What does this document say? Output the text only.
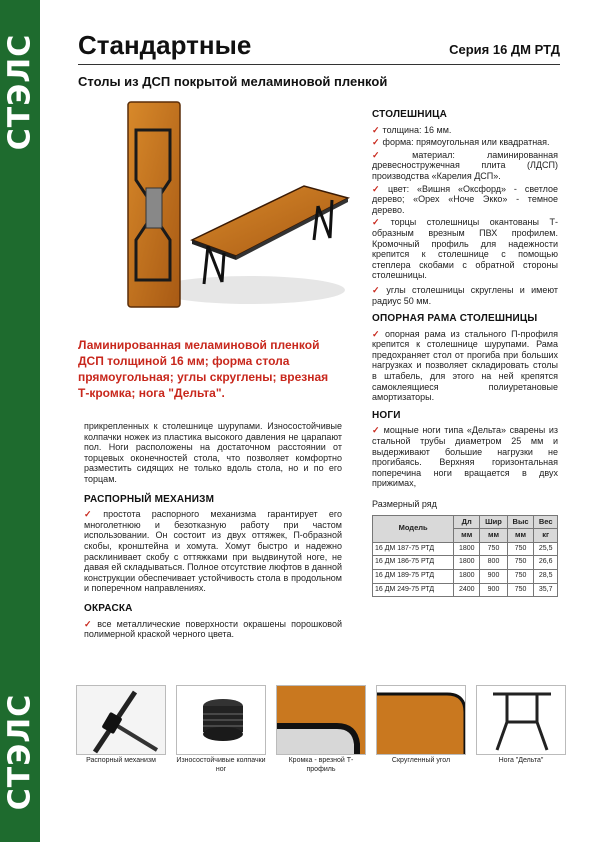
СТЭЛС
СТЭЛС
Стандартные	Серия 16 ДМ РТД
Столы из ДСП покрытой меламиновой пленкой
Ламинированная меламиновой пленкой ДСП толщиной 16 мм; форма стола прямоугольная; углы скруглены; врезная Т-кромка; нога "Дельта".
СТОЛЕШНИЦА
✓ толщина: 16 мм.
✓ форма: прямоугольная или квадратная.
✓ материал: ламинированная древесностружечная плита (ЛДСП) производства «Карелия ДСП».
✓ цвет: «Вишня «Оксфорд» - светлое дерево; «Орех «Ноче Экко» - темное дерево.
✓ торцы столешницы окантованы Т-образным врезным ПВХ профилем. Кромочный профиль для надежности крепится к столешнице с помощью степлера скобами с обратной стороны столешницы.
✓ углы столешницы скруглены и имеют радиус 50 мм.
ОПОРНАЯ РАМА СТОЛЕШНИЦЫ
✓ опорная рама из стального П-профиля крепится к столешнице шурупами. Рама предохраняет стол от прогиба при больших нагрузках и позволяет складировать столы в штабель, для этого на ней крепятся самоклеящиеся полиуретановые амортизаторы.
НОГИ
✓ мощные ноги типа «Дельта» сварены из стальной трубы диаметром 25 мм и выдерживают большие нагрузки не прогибаясь. Верхняя горизонтальная поперечина ноги вращается в двух прижимах,
Размерный ряд
Модель	Дл	Шир	Выс	Вес
	мм	мм	мм	кг
16 ДМ 187-75 РТД	1800	750	750	25,5
16 ДМ 186-75 РТД	1800	800	750	26,6
16 ДМ 189-75 РТД	1800	900	750	28,5
16 ДМ 249-75 РТД	2400	900	750	35,7
прикрепленных к столешнице шурупами. Износостойчивые колпачки ножек из пластика высокого давления не царапают пол. Ноги расположены на достаточном расстоянии от торцевых оконечностей стола, что позволяет комфортно разместить сидящих не только вдоль стола, но и по его торцам.
РАСПОРНЫЙ МЕХАНИЗМ
✓ простота распорного механизма гарантирует его многолетнюю и безотказную работу при частом использовании. Он состоит из двух оттяжек, П-образной скобы, кронштейна и хомута. Хомут быстро и надежно расклинивает скобу с оттяжками при выдвинутой ноге, не давая ей складываться. Полное отсутствие люфтов в данной конструкции обеспечивает устойчивость стола в продольном и поперечном направлениях.
ОКРАСКА
✓ все металлические поверхности окрашены порошковой полимерной краской черного цвета.
Распорный механизм	Износостойчивые колпачки ног
Кромка - врезной Т-профиль
Скругленный угол	Нога "Дельта"
